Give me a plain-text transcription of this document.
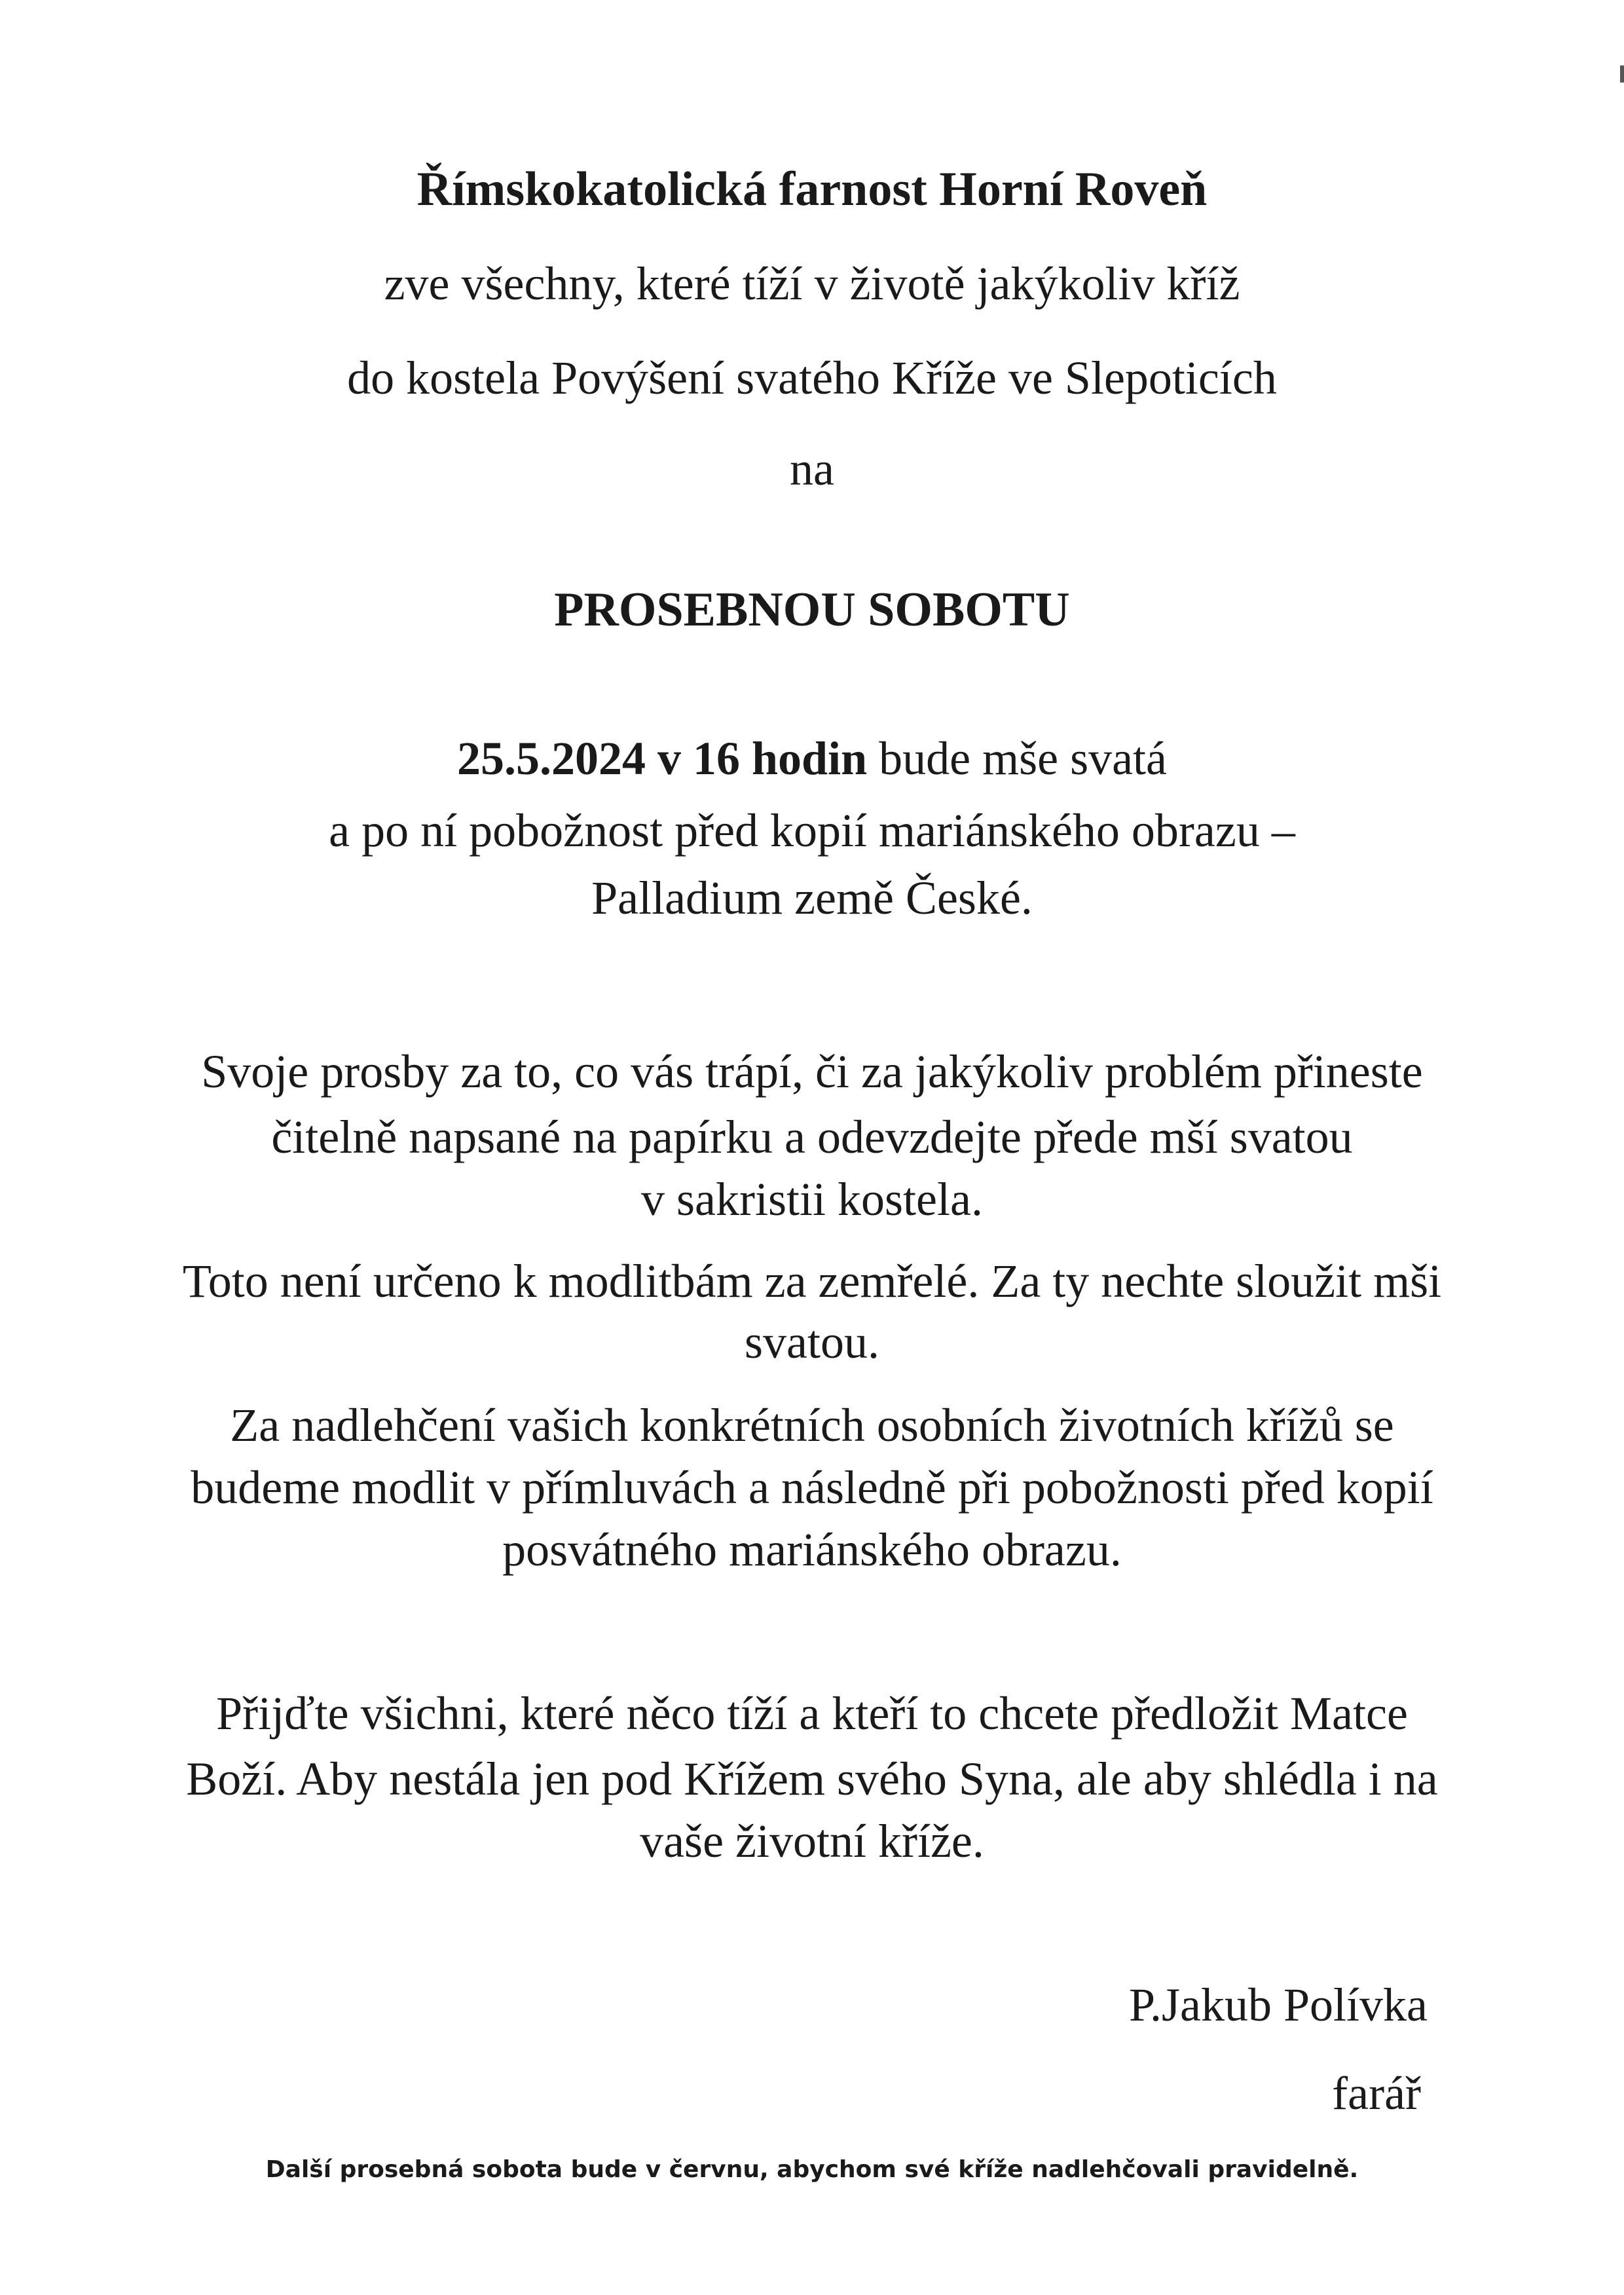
Římskokatolická farnost Horní Roveň
zve všechny, které tíží v životě jakýkoliv kříž
do kostela Povýšení svatého Kříže ve Slepoticích
na
PROSEBNOU SOBOTU
25.5.2024 v 16 hodin bude mše svatá
a po ní pobožnost před kopií mariánského obrazu –
Palladium země České.
Svoje prosby za to, co vás trápí, či za jakýkoliv problém přineste
čitelně napsané na papírku a odevzdejte přede mší svatou
v sakristii kostela.
Toto není určeno k modlitbám za zemřelé. Za ty nechte sloužit mši
svatou.
Za nadlehčení vašich konkrétních osobních životních křížů se
budeme modlit v přímluvách a následně při pobožnosti před kopií
posvátného mariánského obrazu.
Přijďte všichni, které něco tíží a kteří to chcete předložit Matce
Boží. Aby nestála jen pod Křížem svého Syna, ale aby shlédla i na
vaše životní kříže.
P.Jakub Polívka
farář
Další prosebná sobota bude v červnu, abychom své kříže nadlehčovali pravidelně.
